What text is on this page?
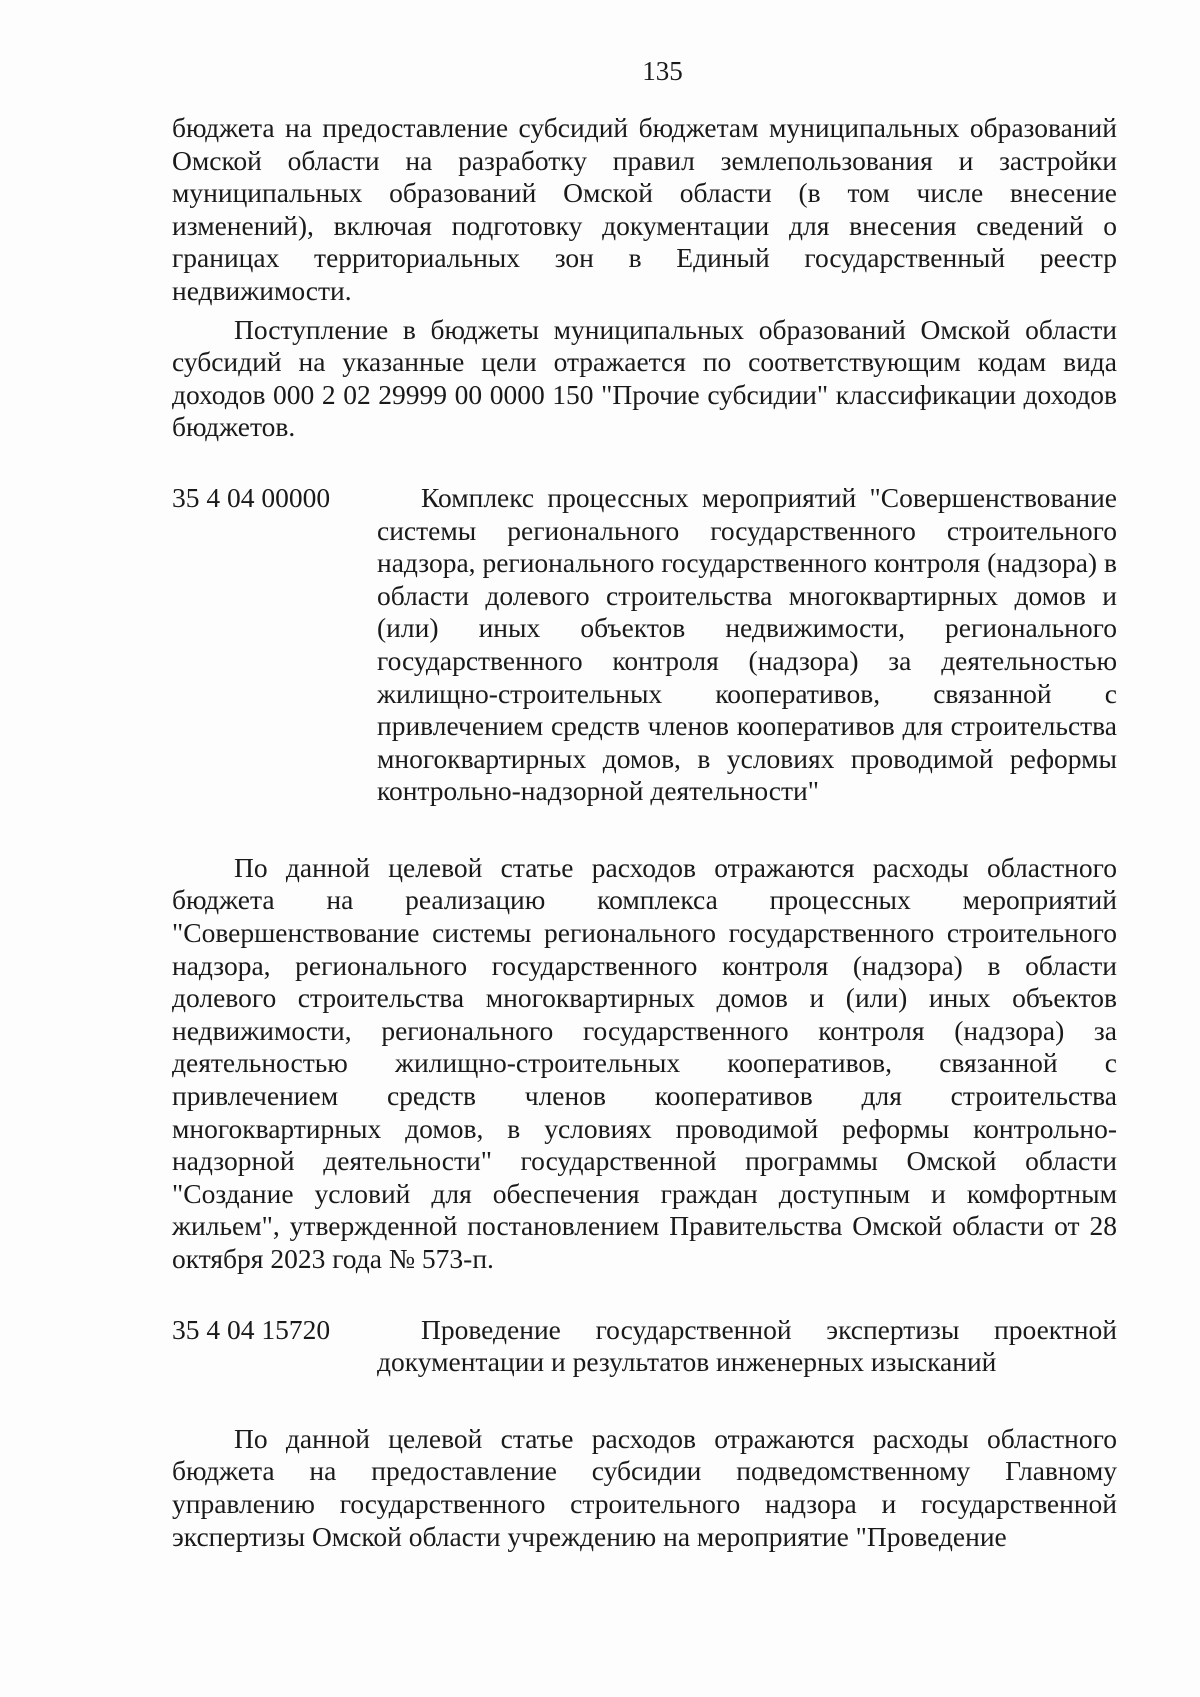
135

бюджета на предоставление субсидий бюджетам муниципальных образований Омской области на разработку правил землепользования и застройки муниципальных образований Омской области (в том числе внесение изменений), включая подготовку документации для внесения сведений о границах территориальных зон в Единый государственный реестр недвижимости.

Поступление в бюджеты муниципальных образований Омской области субсидий на указанные цели отражается по соответствующим кодам вида доходов 000 2 02 29999 00 0000 150 "Прочие субсидии" классификации доходов бюджетов.

35 4 04 00000	Комплекс процессных мероприятий "Совершенствование системы регионального государственного строительного надзора, регионального государственного контроля (надзора) в области долевого строительства многоквартирных домов и (или) иных объектов недвижимости, регионального государственного контроля (надзора) за деятельностью жилищно-строительных кооперативов, связанной с привлечением средств членов кооперативов для строительства многоквартирных домов, в условиях проводимой реформы контрольно-надзорной деятельности"

По данной целевой статье расходов отражаются расходы областного бюджета на реализацию комплекса процессных мероприятий "Совершенствование системы регионального государственного строительного надзора, регионального государственного контроля (надзора) в области долевого строительства многоквартирных домов и (или) иных объектов недвижимости, регионального государственного контроля (надзора) за деятельностью жилищно-строительных кооперативов, связанной с привлечением средств членов кооперативов для строительства многоквартирных домов, в условиях проводимой реформы контрольно-надзорной деятельности" государственной программы Омской области "Создание условий для обеспечения граждан доступным и комфортным жильем", утвержденной постановлением Правительства Омской области от 28 октября 2023 года № 573-п.

35 4 04 15720	Проведение государственной экспертизы проектной документации и результатов инженерных изысканий

По данной целевой статье расходов отражаются расходы областного бюджета на предоставление субсидии подведомственному Главному управлению государственного строительного надзора и государственной экспертизы Омской области учреждению на мероприятие "Проведение
